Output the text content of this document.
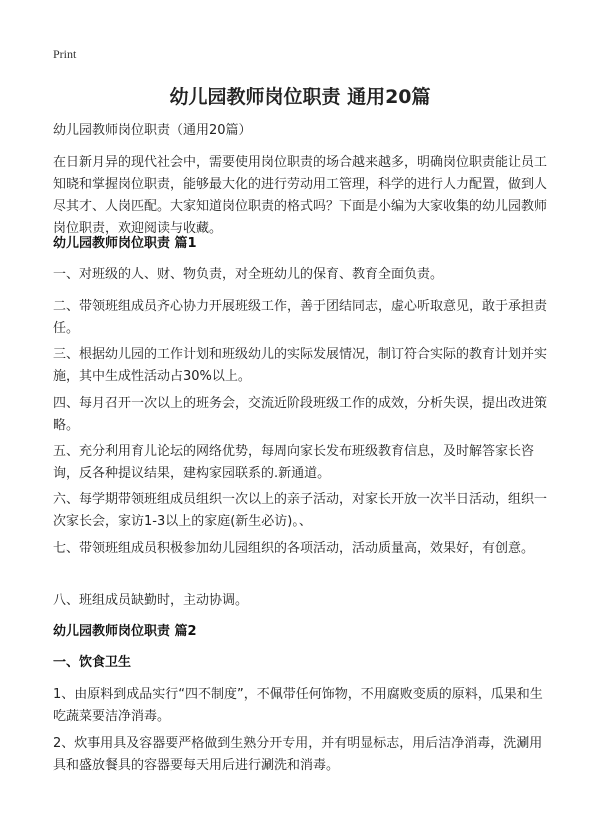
Print
幼儿园教师岗位职责 通用20篇
幼儿园教师岗位职责（通用20篇）
在日新月异的现代社会中，需要使用岗位职责的场合越来越多，明确岗位职责能让员工知晓和掌握岗位职责，能够最大化的进行劳动用工管理，科学的进行人力配置，做到人尽其才、人岗匹配。大家知道岗位职责的格式吗？下面是小编为大家收集的幼儿园教师岗位职责，欢迎阅读与收藏。
幼儿园教师岗位职责 篇1
一、对班级的人、财、物负责，对全班幼儿的保育、教育全面负责。
二、带领班组成员齐心协力开展班级工作，善于团结同志，虚心听取意见，敢于承担责任。
三、根据幼儿园的工作计划和班级幼儿的实际发展情况，制订符合实际的教育计划并实施，其中生成性活动占30%以上。
四、每月召开一次以上的班务会，交流近阶段班级工作的成效，分析失误，提出改进策略。
五、充分利用育儿论坛的网络优势，每周向家长发布班级教育信息，及时解答家长咨询，反各种提议结果，建构家园联系的.新通道。
六、每学期带领班组成员组织一次以上的亲子活动，对家长开放一次半日活动，组织一次家长会，家访1-3以上的家庭(新生必访)。、
七、带领班组成员积极参加幼儿园组织的各项活动，活动质量高，效果好，有创意。
八、班组成员缺勤时，主动协调。
幼儿园教师岗位职责 篇2
一、饮食卫生
1、由原料到成品实行“四不制度”，不佩带任何饰物，不用腐败变质的原料，瓜果和生吃蔬菜要洁净消毒。
2、炊事用具及容器要严格做到生熟分开专用，并有明显标志，用后洁净消毒，洗涮用具和盛放餐具的容器要每天用后进行涮洗和消毒。
